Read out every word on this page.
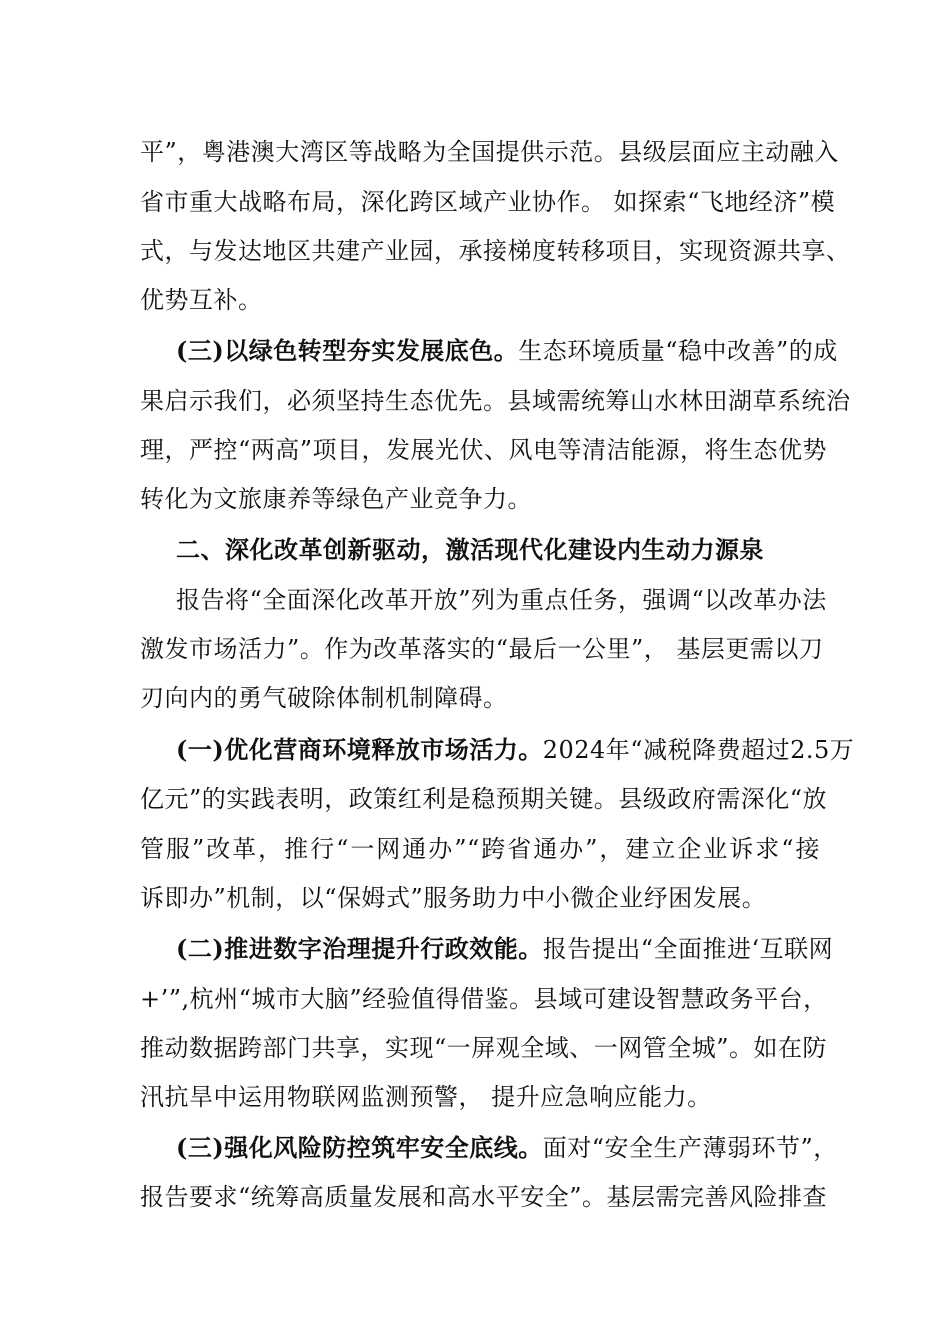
平”，粤港澳大湾区等战略为全国提供示范。县级层面应主动融入
省市重大战略布局，深化跨区域产业协作。 如探索“飞地经济”模
式，与发达地区共建产业园，承接梯度转移项目，实现资源共享、
优势互补。
(三)以绿色转型夯实发展底色。生态环境质量“稳中改善”的成
果启示我们，必须坚持生态优先。县域需统筹山水林田湖草系统治
理，严控“两高”项目，发展光伏、风电等清洁能源，将生态优势
转化为文旅康养等绿色产业竞争力。
二、深化改革创新驱动，激活现代化建设内生动力源泉
报告将“全面深化改革开放”列为重点任务，强调“以改革办法
激发市场活力”。作为改革落实的“最后一公里”， 基层更需以刀
刃向内的勇气破除体制机制障碍。
(一)优化营商环境释放市场活力。2024年“减税降费超过2.5万
亿元”的实践表明，政策红利是稳预期关键。县级政府需深化“放
管服”改革，推行“一网通办”“跨省通办”，建立企业诉求“接
诉即办”机制，以“保姆式”服务助力中小微企业纾困发展。
(二)推进数字治理提升行政效能。报告提出“全面推进‘互联网
+’”,杭州“城市大脑”经验值得借鉴。县域可建设智慧政务平台，
推动数据跨部门共享，实现“一屏观全域、一网管全城”。如在防
汛抗旱中运用物联网监测预警， 提升应急响应能力。
(三)强化风险防控筑牢安全底线。面对“安全生产薄弱环节”，
报告要求“统筹高质量发展和高水平安全”。基层需完善风险排查
